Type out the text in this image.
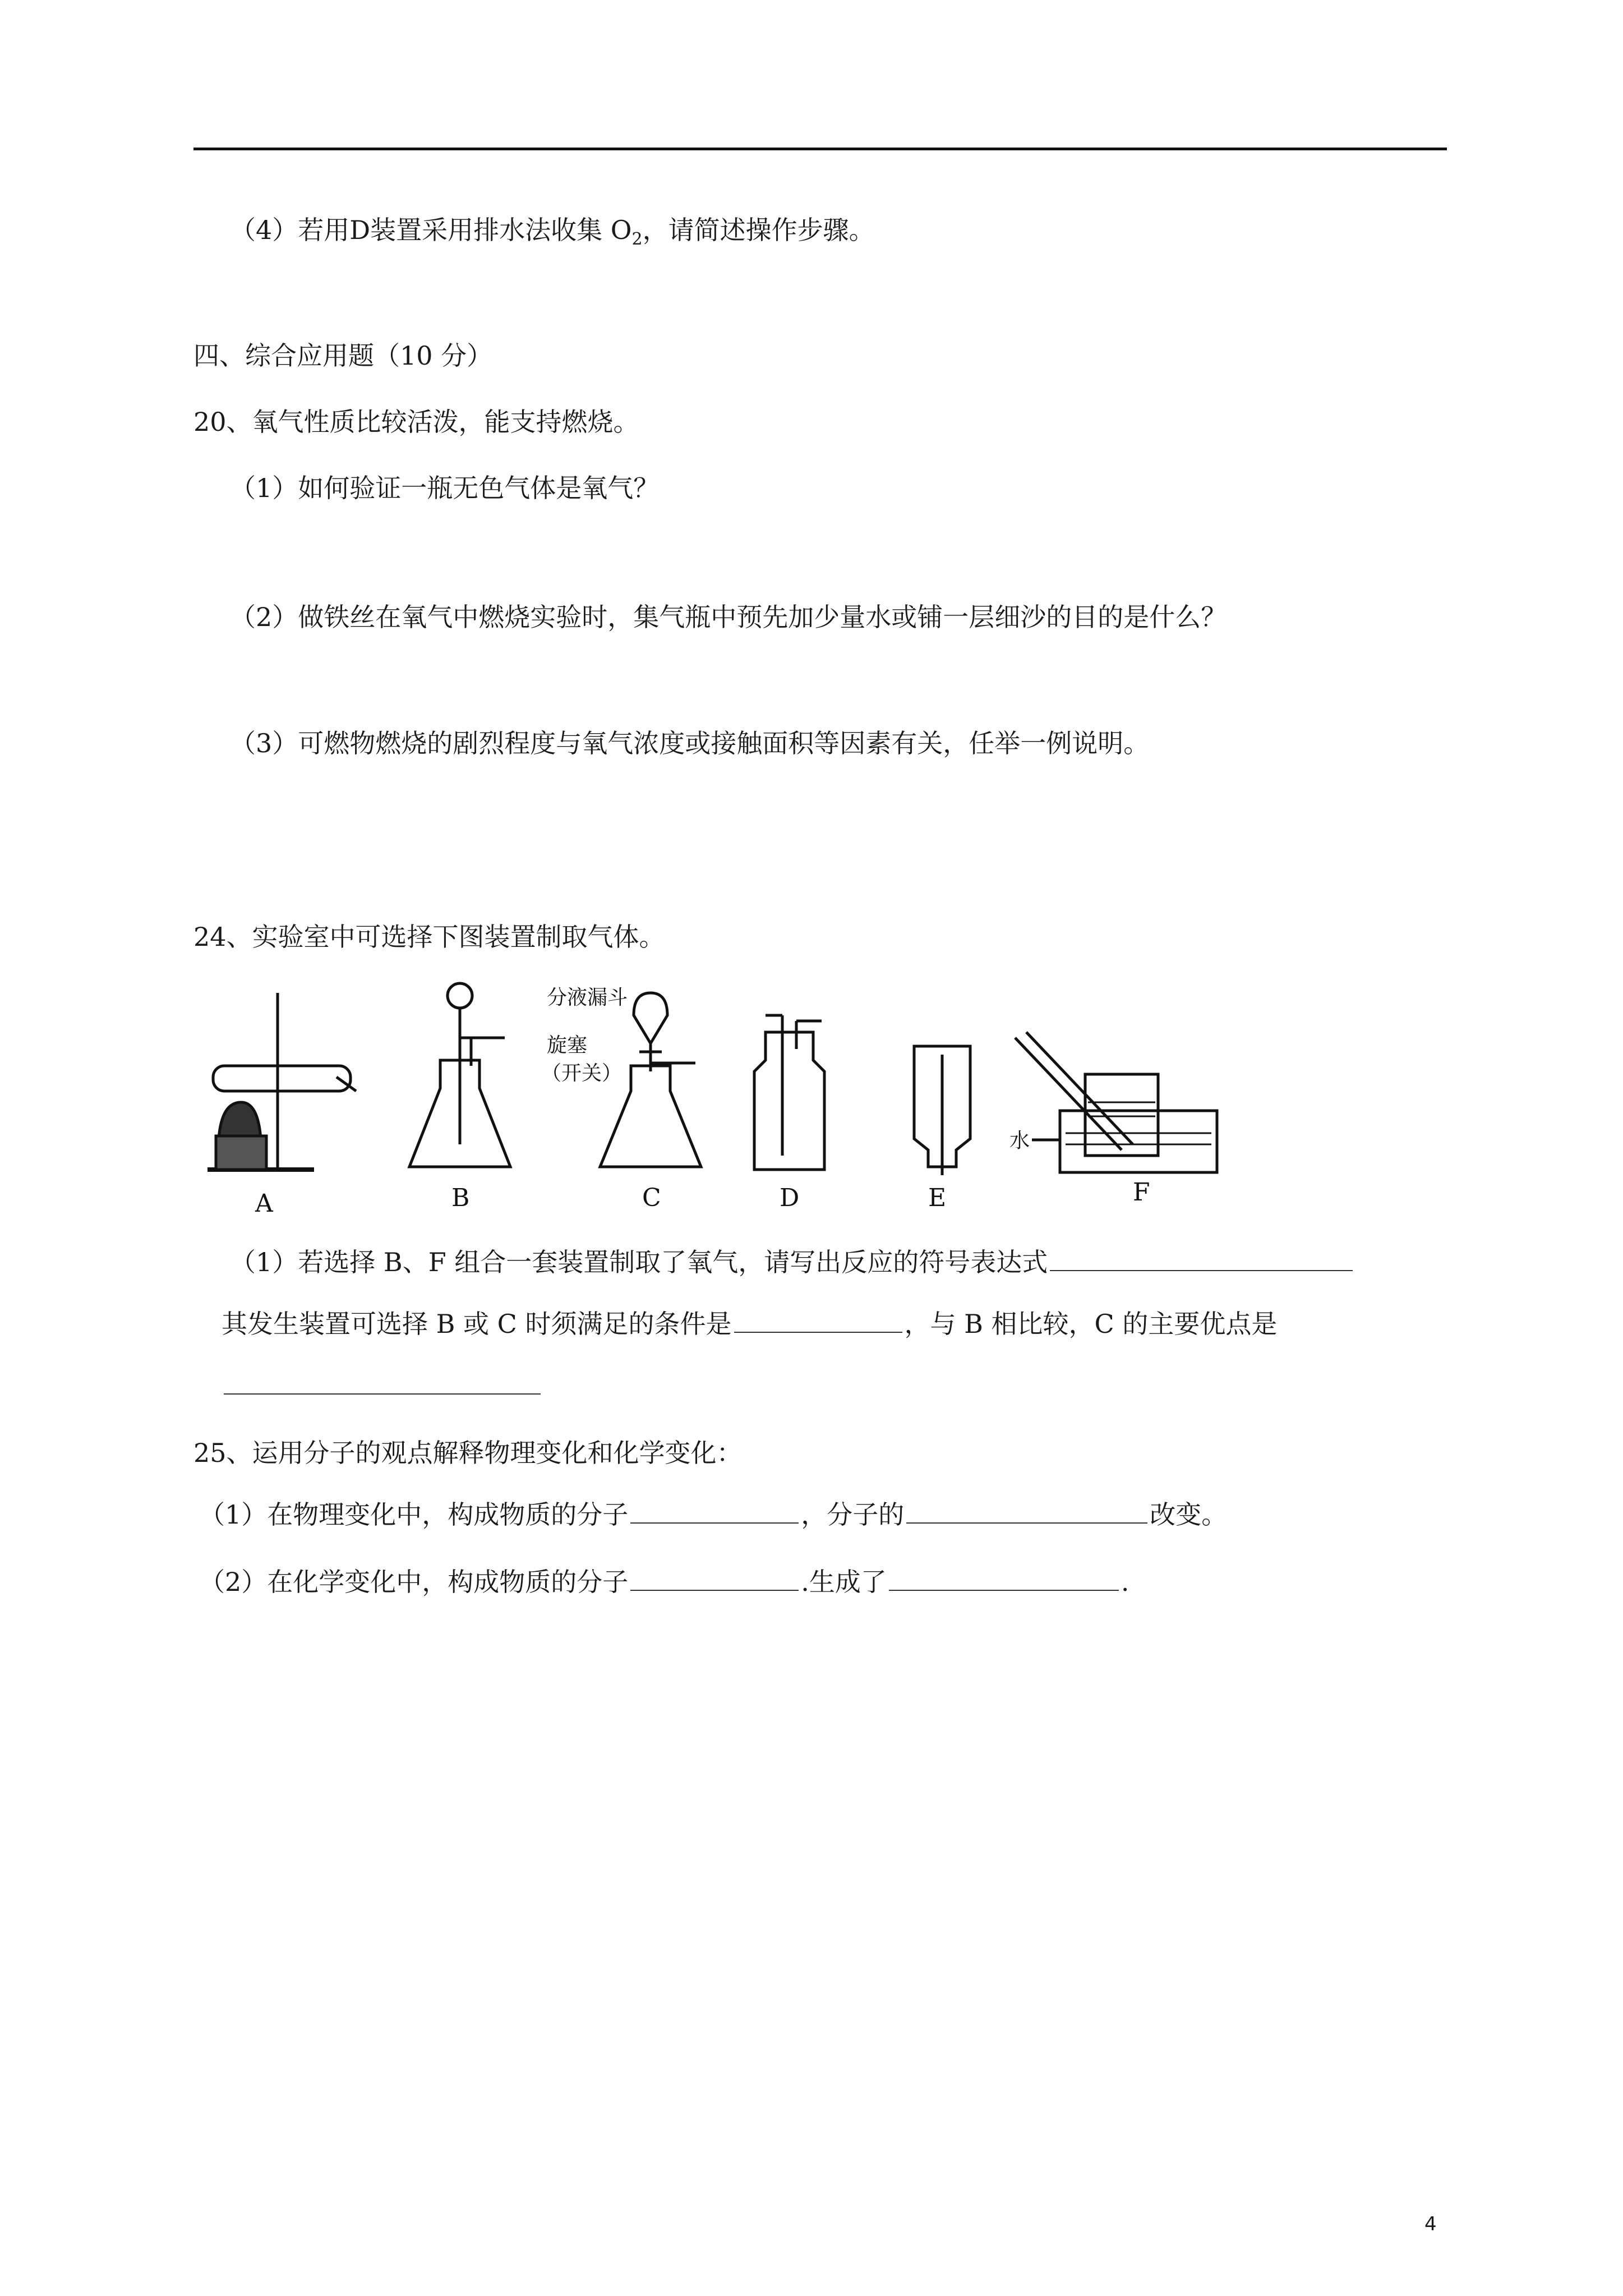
（4）若用D装置采用排水法收集 $O_2$，请简述操作步骤。
四、综合应用题（10 分）
20、氧气性质比较活泼，能支持燃烧。
（1）如何验证一瓶无色气体是氧气？
（2）做铁丝在氧气中燃烧实验时，集气瓶中预先加少量水或铺一层细沙的目的是什么？
（3）可燃物燃烧的剧烈程度与氧气浓度或接触面积等因素有关，任举一例说明。
24、实验室中可选择下图装置制取气体。
A	B	C	D	E	F
分液漏斗
旋塞
（开关）
水
（1）若选择 B、F 组合一套装置制取了氧气，请写出反应的符号表达式
其发生装置可选择 B 或 C 时须满足的条件是	，与 B 相比较，C 的主要优点是
25、运用分子的观点解释物理变化和化学变化：
（1）在物理变化中，构成物质的分子	，分子的	改变。
（2）在化学变化中，构成物质的分子	.生成了	.
4
